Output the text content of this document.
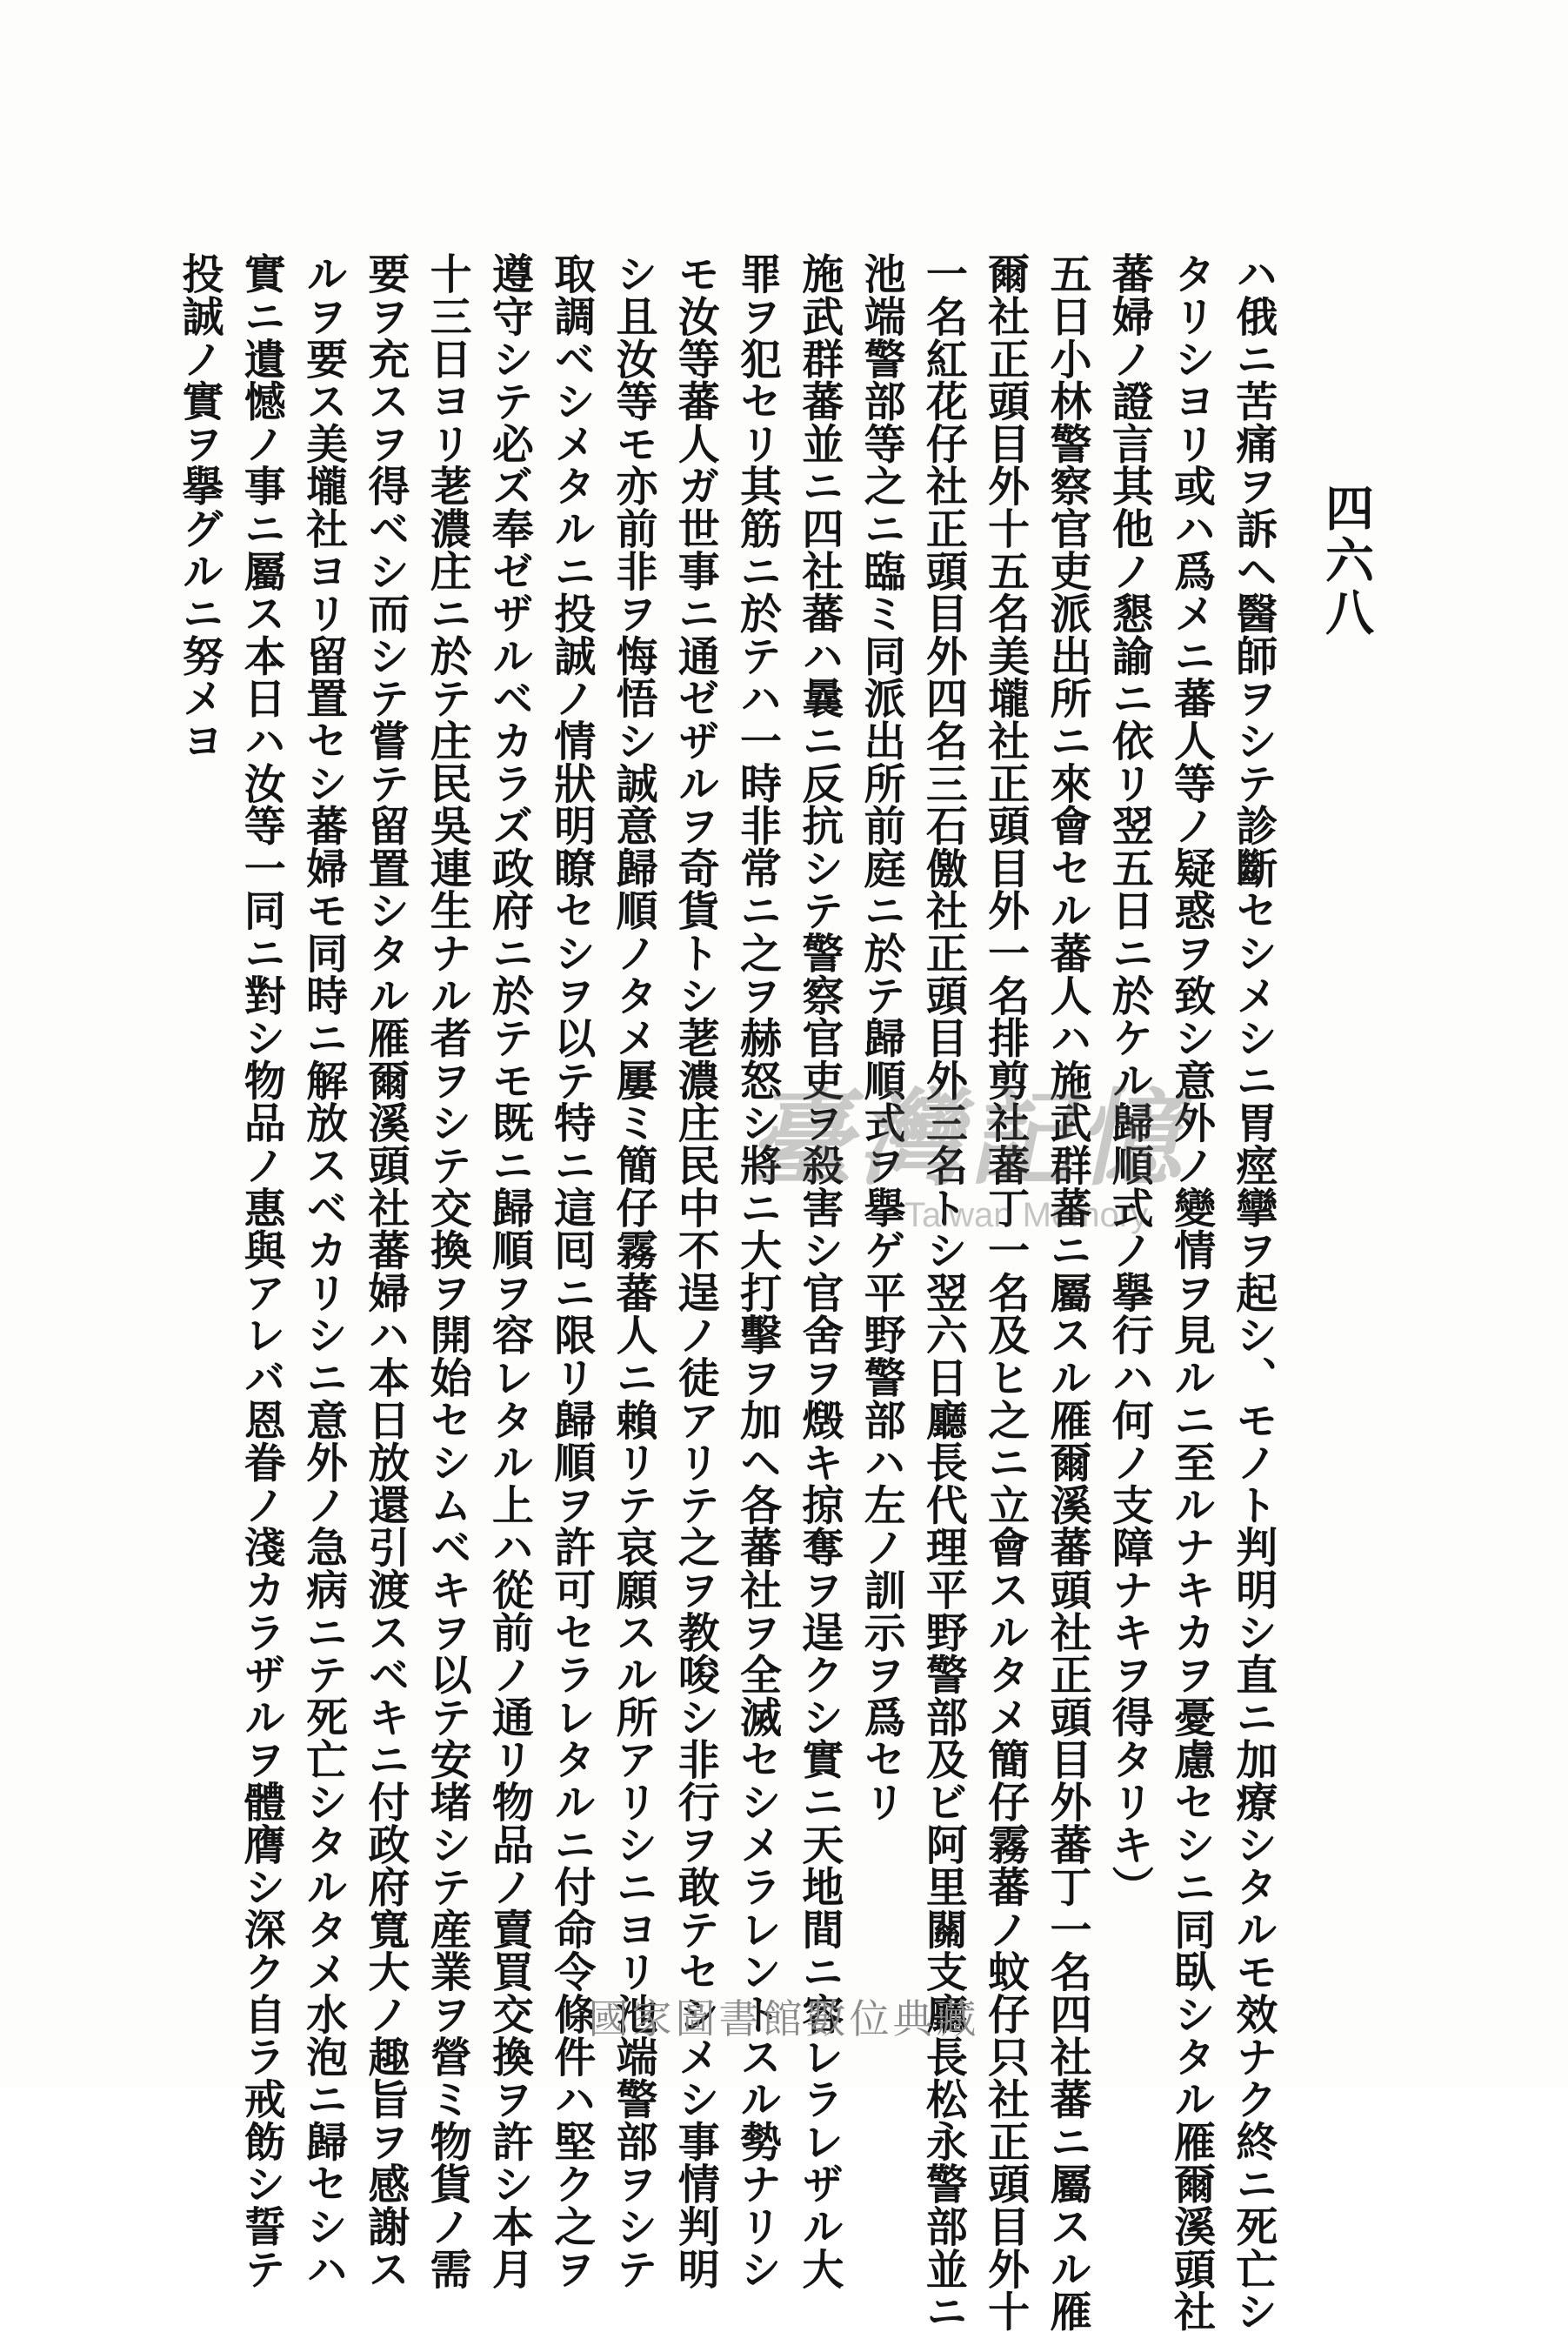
四六八
ハ俄ニ苦痛ヲ訴ヘ醫師ヲシテ診斷セシメシニ胃痙攣ヲ起シ、モノト判明シ直ニ加療シタルモ效ナク終ニ死亡シ
タリシヨリ或ハ爲メニ蕃人等ノ疑惑ヲ致シ意外ノ變情ヲ見ルニ至ルナキカヲ憂慮セシニ同臥シタル雁爾溪頭社
蕃婦ノ證言其他ノ懇諭ニ依リ翌五日ニ於ケル歸順式ノ擧行ハ何ノ支障ナキヲ得タリキ）
五日小林警察官吏派出所ニ來會セル蕃人ハ施武群蕃ニ屬スル雁爾溪蕃頭社正頭目外蕃丁一名四社蕃ニ屬スル雁
爾社正頭目外十五名美壠社正頭目外一名排剪社蕃丁一名及ヒ之ニ立會スルタメ簡仔霧蕃ノ蚊仔只社正頭目外十
一名紅花仔社正頭目外四名三石儌社正頭目外三名トシ翌六日廳長代理平野警部及ビ阿里關支廳長松永警部並ニ
池端警部等之ニ臨ミ同派出所前庭ニ於テ歸順式ヲ擧ゲ平野警部ハ左ノ訓示ヲ爲セリ
施武群蕃並ニ四社蕃ハ曩ニ反抗シテ警察官吏ヲ殺害シ官舍ヲ燬キ掠奪ヲ逞クシ實ニ天地間ニ容レラレザル大
罪ヲ犯セリ其筋ニ於テハ一時非常ニ之ヲ赫怒シ將ニ大打擊ヲ加ヘ各蕃社ヲ全滅セシメラレントスル勢ナリシ
モ汝等蕃人ガ世事ニ通ゼザルヲ奇貨トシ荖濃庄民中不逞ノ徒アリテ之ヲ教唆シ非行ヲ敢テセシメシ事情判明
シ且汝等モ亦前非ヲ悔悟シ誠意歸順ノタメ屢ミ簡仔霧蕃人ニ賴リテ哀願スル所アリシニヨリ池端警部ヲシテ
取調ベシメタルニ投誠ノ情狀明瞭セシヲ以テ特ニ這囘ニ限リ歸順ヲ許可セラレタルニ付命令條件ハ堅ク之ヲ
遵守シテ必ズ奉ゼザルベカラズ政府ニ於テモ既ニ歸順ヲ容レタル上ハ從前ノ通リ物品ノ賣買交換ヲ許シ本月
十三日ヨリ荖濃庄ニ於テ庄民吳連生ナル者ヲシテ交換ヲ開始セシムベキヲ以テ安堵シテ産業ヲ營ミ物貨ノ需
要ヲ充スヲ得ベシ而シテ嘗テ留置シタル雁爾溪頭社蕃婦ハ本日放還引渡スベキニ付政府寬大ノ趣旨ヲ感謝ス
ルヲ要ス美壠社ヨリ留置セシ蕃婦モ同時ニ解放スベカリシニ意外ノ急病ニテ死亡シタルタメ水泡ニ歸セシハ
實ニ遺憾ノ事ニ屬ス本日ハ汝等一同ニ對シ物品ノ惠與アレバ恩眷ノ淺カラザルヲ體膺シ深ク自ラ戒飭シ誓テ
投誠ノ實ヲ擧グルニ努メヨ
臺灣記憶
Taiwan Memory
國家圖書館數位典藏
